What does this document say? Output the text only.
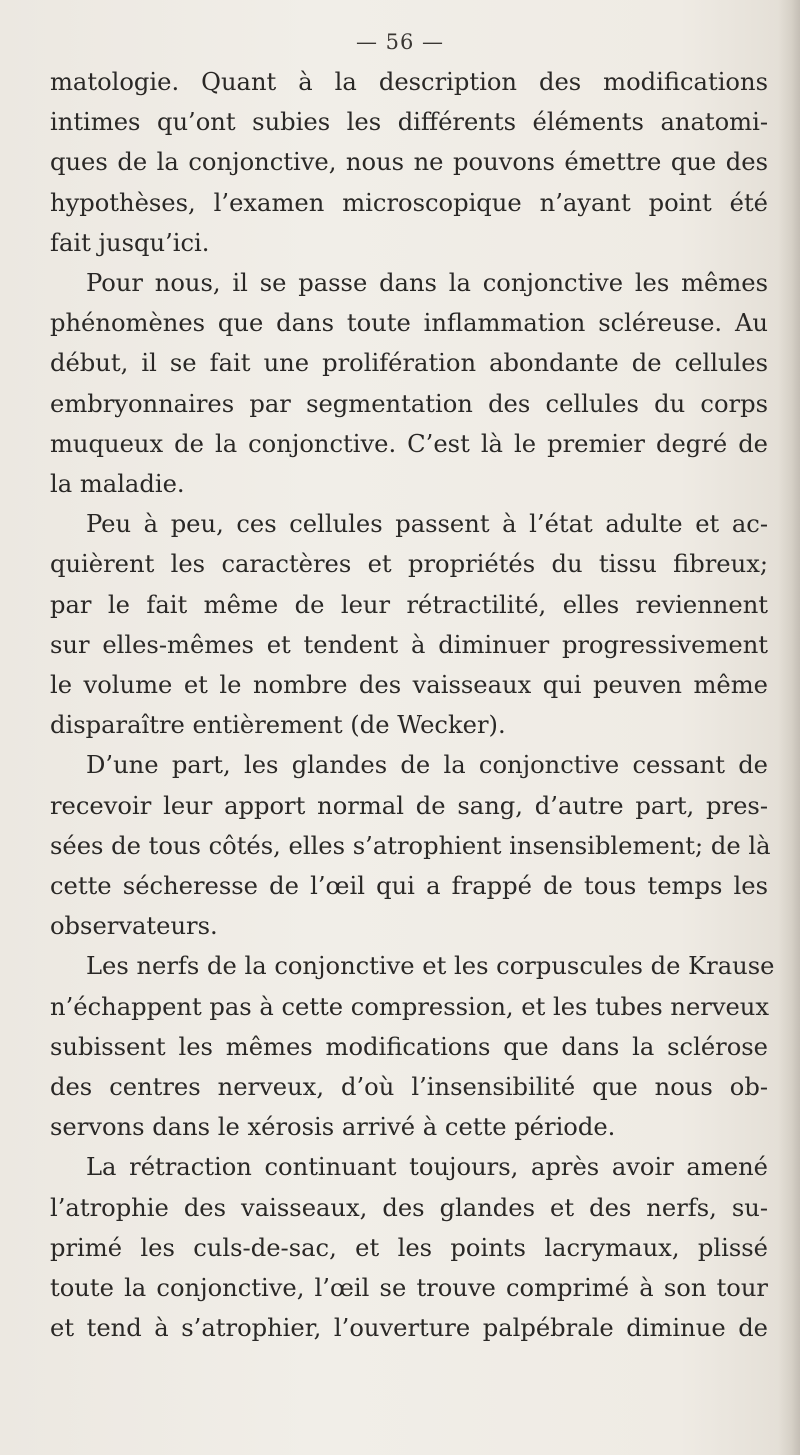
— 56 —
matologie. Quant à la description des modifications
intimes qu’ont subies les différents éléments anatomi-
ques de la conjonctive, nous ne pouvons émettre que des
hypothèses, l’examen microscopique n’ayant point été
fait jusqu’ici.
Pour nous, il se passe dans la conjonctive les mêmes
phénomènes que dans toute inflammation scléreuse. Au
début, il se fait une prolifération abondante de cellules
embryonnaires par segmentation des cellules du corps
muqueux de la conjonctive. C’est là le premier degré de
la maladie.
Peu à peu, ces cellules passent à l’état adulte et ac-
quièrent les caractères et propriétés du tissu fibreux;
par le fait même de leur rétractilité, elles reviennent
sur elles-mêmes et tendent à diminuer progressivement
le volume et le nombre des vaisseaux qui peuven même
disparaître entièrement (de Wecker).
D’une part, les glandes de la conjonctive cessant de
recevoir leur apport normal de sang, d’autre part, pres-
sées de tous côtés, elles s’atrophient insensiblement; de là
cette sécheresse de l’œil qui a frappé de tous temps les
observateurs.
Les nerfs de la conjonctive et les corpuscules de Krause
n’échappent pas à cette compression, et les tubes nerveux
subissent les mêmes modifications que dans la sclérose
des centres nerveux, d’où l’insensibilité que nous ob-
servons dans le xérosis arrivé à cette période.
La rétraction continuant toujours, après avoir amené
l’atrophie des vaisseaux, des glandes et des nerfs, su-
primé les culs-de-sac, et les points lacrymaux, plissé
toute la conjonctive, l’œil se trouve comprimé à son tour
et tend à s’atrophier, l’ouverture palpébrale diminue de
